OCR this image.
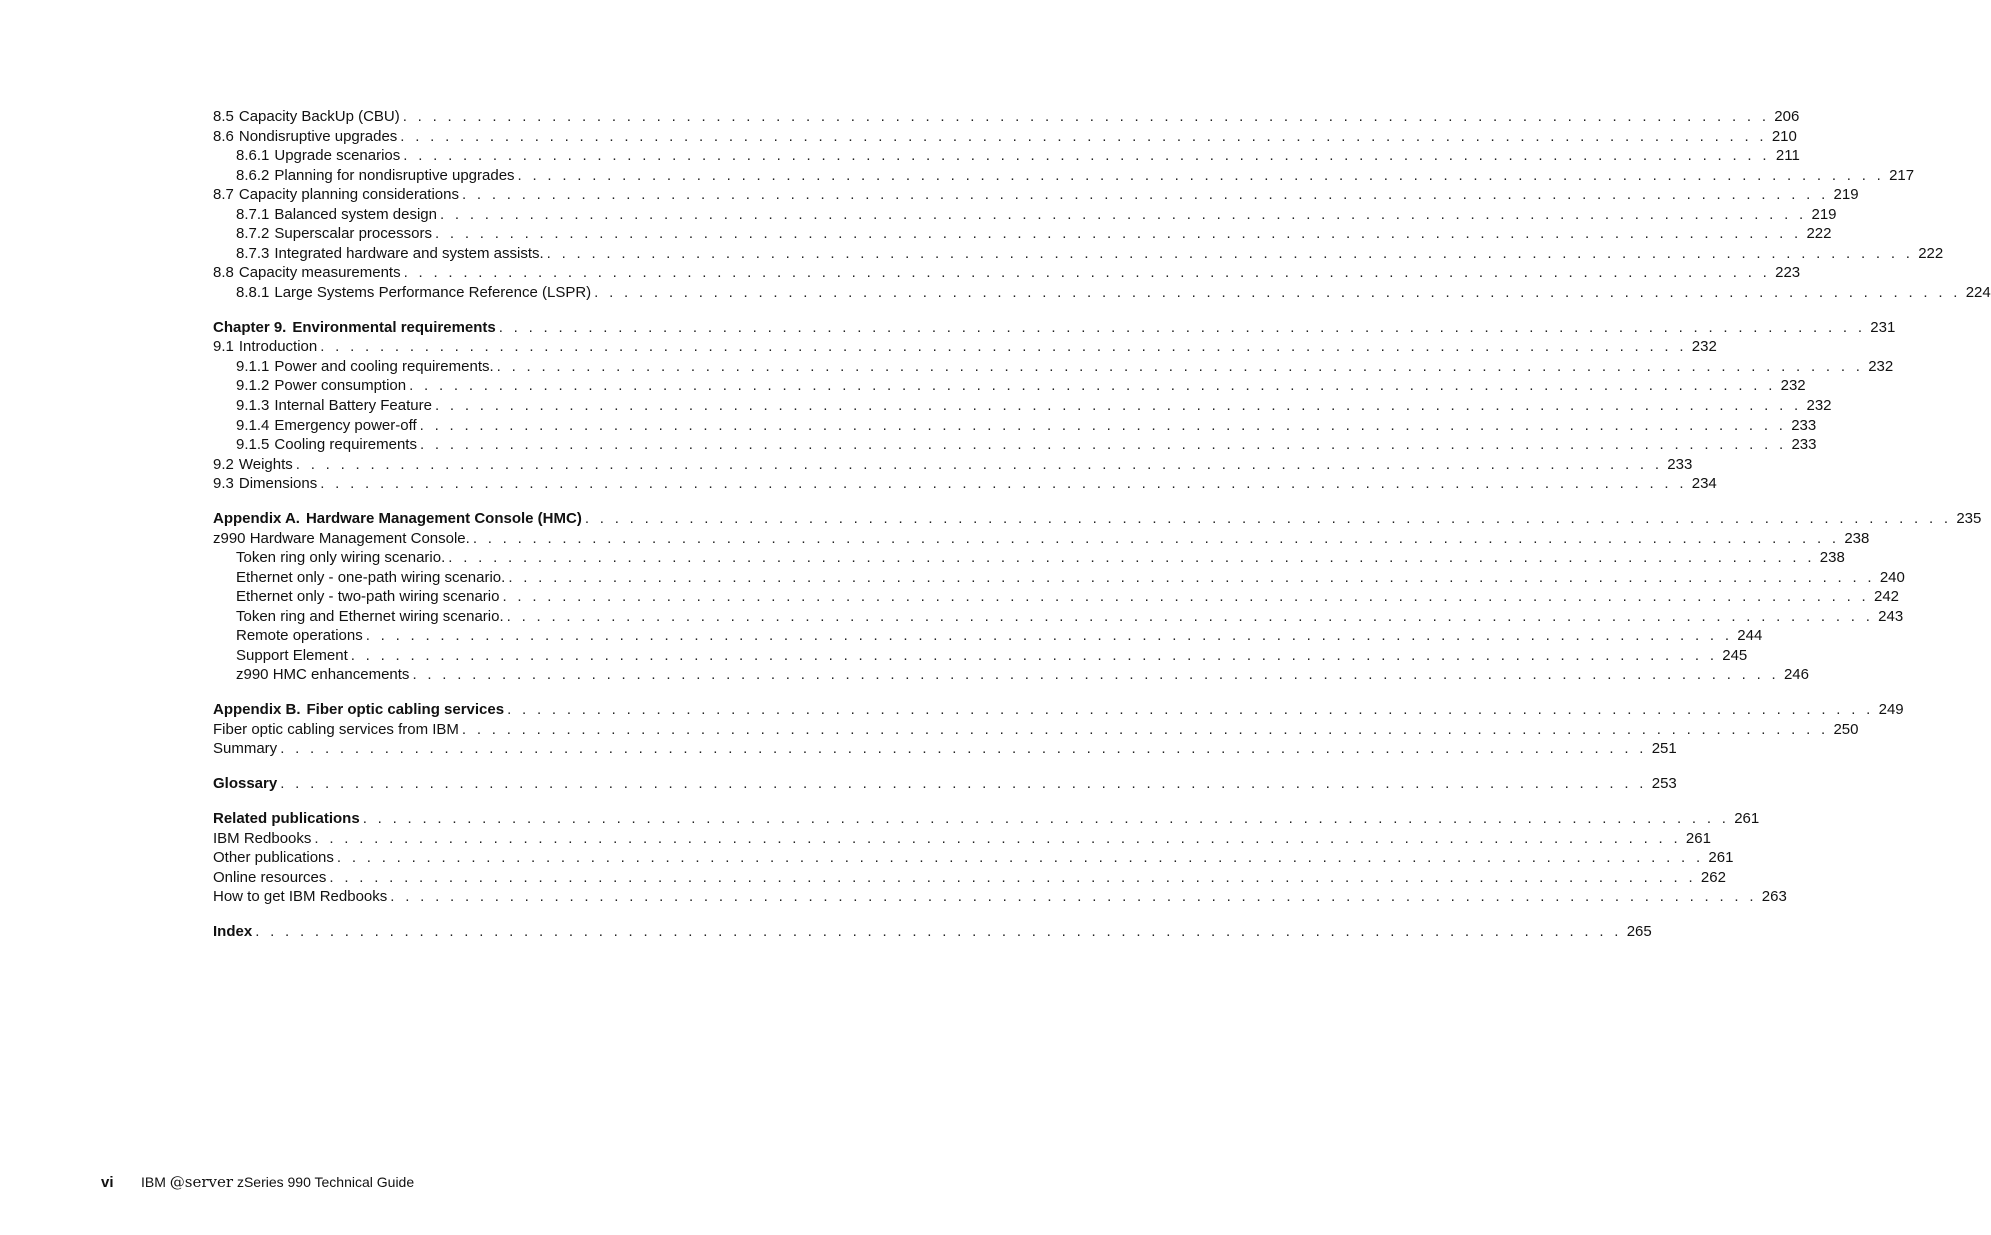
8.5 Capacity BackUp (CBU) . . . . . . . . . . . . . . . . . . . . . . . . . . . . . . . . . . . . . . . . . . . . . . . . . . . . . . . . . . . . . . . . . . . . . . . . . . . . . . . . . . . . . . . . . . . . 206
8.6 Nondisruptive upgrades . . . . . . . . . . . . . . . . . . . . . . . . . . . . . . . . . . . . . . . . . . . . . . . . . . . . . . . . . . . . . . . . . . . . . . . . . . . . . . . . . . . . . . . . . . . . 210
8.6.1 Upgrade scenarios . . . . . . . . . . . . . . . . . . . . . . . . . . . . . . . . . . . . . . . . . . . . . . . . . . . . . . . . . . . . . . . . . . . . . . . . . . . . . . . . . . . . . . . . . . . . 211
8.6.2 Planning for nondisruptive upgrades . . . . . . . . . . . . . . . . . . . . . . . . . . . . . . . . . . . . . . . . . . . . . . . . . . . . . . . . . . . . . . . . . . . . . . . . . . . . . . . . . . . . . . . . . . . . 217
8.7 Capacity planning considerations . . . . . . . . . . . . . . . . . . . . . . . . . . . . . . . . . . . . . . . . . . . . . . . . . . . . . . . . . . . . . . . . . . . . . . . . . . . . . . . . . . . . . . . . . . . . 219
8.7.1 Balanced system design . . . . . . . . . . . . . . . . . . . . . . . . . . . . . . . . . . . . . . . . . . . . . . . . . . . . . . . . . . . . . . . . . . . . . . . . . . . . . . . . . . . . . . . . . . . . 219
8.7.2 Superscalar processors . . . . . . . . . . . . . . . . . . . . . . . . . . . . . . . . . . . . . . . . . . . . . . . . . . . . . . . . . . . . . . . . . . . . . . . . . . . . . . . . . . . . . . . . . . . . 222
8.7.3 Integrated hardware and system assists. . . . . . . . . . . . . . . . . . . . . . . . . . . . . . . . . . . . . . . . . . . . . . . . . . . . . . . . . . . . . . . . . . . . . . . . . . . . . . . . . . . . . . . . . . . . . 222
8.8 Capacity measurements . . . . . . . . . . . . . . . . . . . . . . . . . . . . . . . . . . . . . . . . . . . . . . . . . . . . . . . . . . . . . . . . . . . . . . . . . . . . . . . . . . . . . . . . . . . . 223
8.8.1 Large Systems Performance Reference (LSPR) . . . . . . . . . . . . . . . . . . . . . . . . . . . . . . . . . . . . . . . . . . . . . . . . . . . . . . . . . . . . . . . . . . . . . . . . . . . . . . . . . . . . . . . . . . . . 224
Chapter 9. Environmental requirements . . . . . . . . . . . . . . . . . . . . . . . . . . . . . . . . . . . . . . . . . . . . . . . . . . . . . . . . . . . . . . . . . . . . . . . . . . . . . . . . . . . . . . . . . . . . 231
9.1 Introduction . . . . . . . . . . . . . . . . . . . . . . . . . . . . . . . . . . . . . . . . . . . . . . . . . . . . . . . . . . . . . . . . . . . . . . . . . . . . . . . . . . . . . . . . . . . . 232
9.1.1 Power and cooling requirements. . . . . . . . . . . . . . . . . . . . . . . . . . . . . . . . . . . . . . . . . . . . . . . . . . . . . . . . . . . . . . . . . . . . . . . . . . . . . . . . . . . . . . . . . . . . . 232
9.1.2 Power consumption . . . . . . . . . . . . . . . . . . . . . . . . . . . . . . . . . . . . . . . . . . . . . . . . . . . . . . . . . . . . . . . . . . . . . . . . . . . . . . . . . . . . . . . . . . . . 232
9.1.3 Internal Battery Feature . . . . . . . . . . . . . . . . . . . . . . . . . . . . . . . . . . . . . . . . . . . . . . . . . . . . . . . . . . . . . . . . . . . . . . . . . . . . . . . . . . . . . . . . . . . . 232
9.1.4 Emergency power-off . . . . . . . . . . . . . . . . . . . . . . . . . . . . . . . . . . . . . . . . . . . . . . . . . . . . . . . . . . . . . . . . . . . . . . . . . . . . . . . . . . . . . . . . . . . . 233
9.1.5 Cooling requirements . . . . . . . . . . . . . . . . . . . . . . . . . . . . . . . . . . . . . . . . . . . . . . . . . . . . . . . . . . . . . . . . . . . . . . . . . . . . . . . . . . . . . . . . . . . . 233
9.2 Weights . . . . . . . . . . . . . . . . . . . . . . . . . . . . . . . . . . . . . . . . . . . . . . . . . . . . . . . . . . . . . . . . . . . . . . . . . . . . . . . . . . . . . . . . . . . . 233
9.3 Dimensions . . . . . . . . . . . . . . . . . . . . . . . . . . . . . . . . . . . . . . . . . . . . . . . . . . . . . . . . . . . . . . . . . . . . . . . . . . . . . . . . . . . . . . . . . . . . 234
Appendix A. Hardware Management Console (HMC) . . . . . . . . . . . . . . . . . . . . . . . . . . . . . . . . . . . . . . . . . . . . . . . . . . . . . . . . . . . . . . . . . . . . . . . . . . . . . . . . . . . . . . . . . . . . 235
z990 Hardware Management Console. . . . . . . . . . . . . . . . . . . . . . . . . . . . . . . . . . . . . . . . . . . . . . . . . . . . . . . . . . . . . . . . . . . . . . . . . . . . . . . . . . . . . . . . . . . . . 238
Token ring only wiring scenario. . . . . . . . . . . . . . . . . . . . . . . . . . . . . . . . . . . . . . . . . . . . . . . . . . . . . . . . . . . . . . . . . . . . . . . . . . . . . . . . . . . . . . . . . . . . . 238
Ethernet only - one-path wiring scenario. . . . . . . . . . . . . . . . . . . . . . . . . . . . . . . . . . . . . . . . . . . . . . . . . . . . . . . . . . . . . . . . . . . . . . . . . . . . . . . . . . . . . . . . . . . . . 240
Ethernet only - two-path wiring scenario . . . . . . . . . . . . . . . . . . . . . . . . . . . . . . . . . . . . . . . . . . . . . . . . . . . . . . . . . . . . . . . . . . . . . . . . . . . . . . . . . . . . . . . . . . . . 242
Token ring and Ethernet wiring scenario. . . . . . . . . . . . . . . . . . . . . . . . . . . . . . . . . . . . . . . . . . . . . . . . . . . . . . . . . . . . . . . . . . . . . . . . . . . . . . . . . . . . . . . . . . . . . 243
Remote operations . . . . . . . . . . . . . . . . . . . . . . . . . . . . . . . . . . . . . . . . . . . . . . . . . . . . . . . . . . . . . . . . . . . . . . . . . . . . . . . . . . . . . . . . . . . . 244
Support Element . . . . . . . . . . . . . . . . . . . . . . . . . . . . . . . . . . . . . . . . . . . . . . . . . . . . . . . . . . . . . . . . . . . . . . . . . . . . . . . . . . . . . . . . . . . . 245
z990 HMC enhancements . . . . . . . . . . . . . . . . . . . . . . . . . . . . . . . . . . . . . . . . . . . . . . . . . . . . . . . . . . . . . . . . . . . . . . . . . . . . . . . . . . . . . . . . . . . . 246
Appendix B. Fiber optic cabling services . . . . . . . . . . . . . . . . . . . . . . . . . . . . . . . . . . . . . . . . . . . . . . . . . . . . . . . . . . . . . . . . . . . . . . . . . . . . . . . . . . . . . . . . . . . . 249
Fiber optic cabling services from IBM . . . . . . . . . . . . . . . . . . . . . . . . . . . . . . . . . . . . . . . . . . . . . . . . . . . . . . . . . . . . . . . . . . . . . . . . . . . . . . . . . . . . . . . . . . . . 250
Summary . . . . . . . . . . . . . . . . . . . . . . . . . . . . . . . . . . . . . . . . . . . . . . . . . . . . . . . . . . . . . . . . . . . . . . . . . . . . . . . . . . . . . . . . . . . . 251
Glossary . . . . . . . . . . . . . . . . . . . . . . . . . . . . . . . . . . . . . . . . . . . . . . . . . . . . . . . . . . . . . . . . . . . . . . . . . . . . . . . . . . . . . . . . . . . . 253
Related publications . . . . . . . . . . . . . . . . . . . . . . . . . . . . . . . . . . . . . . . . . . . . . . . . . . . . . . . . . . . . . . . . . . . . . . . . . . . . . . . . . . . . . . . . . . . . 261
IBM Redbooks . . . . . . . . . . . . . . . . . . . . . . . . . . . . . . . . . . . . . . . . . . . . . . . . . . . . . . . . . . . . . . . . . . . . . . . . . . . . . . . . . . . . . . . . . . . . 261
Other publications . . . . . . . . . . . . . . . . . . . . . . . . . . . . . . . . . . . . . . . . . . . . . . . . . . . . . . . . . . . . . . . . . . . . . . . . . . . . . . . . . . . . . . . . . . . . 261
Online resources . . . . . . . . . . . . . . . . . . . . . . . . . . . . . . . . . . . . . . . . . . . . . . . . . . . . . . . . . . . . . . . . . . . . . . . . . . . . . . . . . . . . . . . . . . . . 262
How to get IBM Redbooks . . . . . . . . . . . . . . . . . . . . . . . . . . . . . . . . . . . . . . . . . . . . . . . . . . . . . . . . . . . . . . . . . . . . . . . . . . . . . . . . . . . . . . . . . . . . 263
Index . . . . . . . . . . . . . . . . . . . . . . . . . . . . . . . . . . . . . . . . . . . . . . . . . . . . . . . . . . . . . . . . . . . . . . . . . . . . . . . . . . . . . . . . . . . . 265
vi IBM @server zSeries 990 Technical Guide
